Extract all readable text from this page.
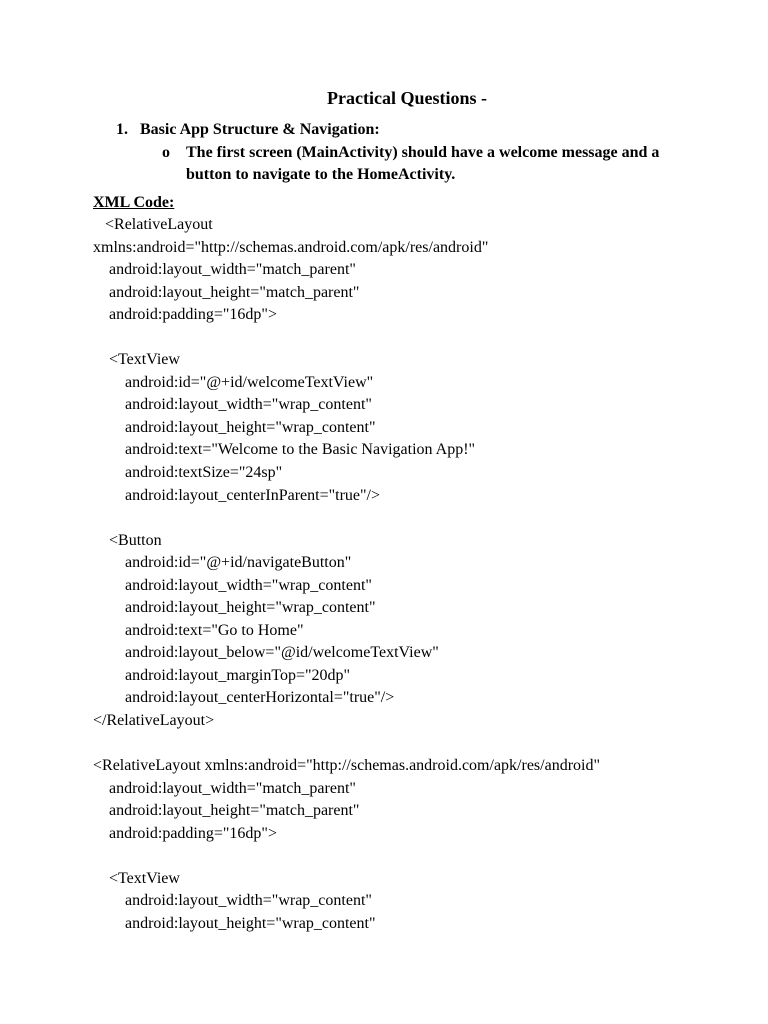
Practical Questions -
1. Basic App Structure & Navigation:
o The first screen (MainActivity) should have a welcome message and a button to navigate to the HomeActivity.
XML Code:
<RelativeLayout
xmlns:android="http://schemas.android.com/apk/res/android"
android:layout_width="match_parent"
android:layout_height="match_parent"
android:padding="16dp">
<TextView
android:id="@+id/welcomeTextView"
android:layout_width="wrap_content"
android:layout_height="wrap_content"
android:text="Welcome to the Basic Navigation App!"
android:textSize="24sp"
android:layout_centerInParent="true"/>
<Button
android:id="@+id/navigateButton"
android:layout_width="wrap_content"
android:layout_height="wrap_content"
android:text="Go to Home"
android:layout_below="@id/welcomeTextView"
android:layout_marginTop="20dp"
android:layout_centerHorizontal="true"/>
</RelativeLayout>
<RelativeLayout xmlns:android="http://schemas.android.com/apk/res/android"
android:layout_width="match_parent"
android:layout_height="match_parent"
android:padding="16dp">
<TextView
android:layout_width="wrap_content"
android:layout_height="wrap_content"
